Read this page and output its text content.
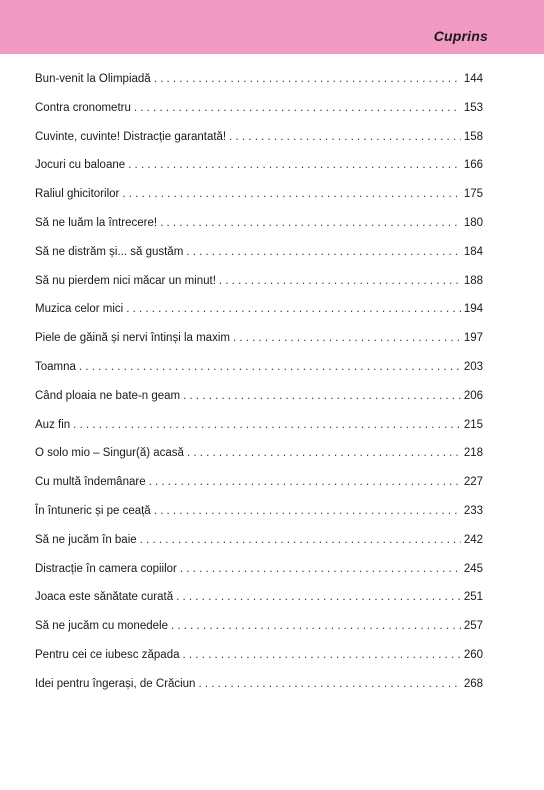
Cuprins
Bun-venit la Olimpiadă .....	144
Contra cronometru .....	153
Cuvinte, cuvinte! Distracție garantată! .....	158
Jocuri cu baloane .....	166
Raliul ghicitorilor .....	175
Să ne luăm la întrecere! .....	180
Să ne distrăm și... să gustăm .....	184
Să nu pierdem nici măcar un minut! .....	188
Muzica celor mici .....	194
Piele de găină și nervi întinși la maxim .....	197
Toamna .....	203
Când ploaia ne bate-n geam .....	206
Auz fin .....	215
O solo mio – Singur(ă) acasă .....	218
Cu multă îndemânare .....	227
În întuneric și pe ceață .....	233
Să ne jucăm în baie .....	242
Distracție în camera copiilor .....	245
Joaca este sănătate curată .....	251
Să ne jucăm cu monedele .....	257
Pentru cei ce iubesc zăpada .....	260
Idei pentru îngerași, de Crăciun .....	268
